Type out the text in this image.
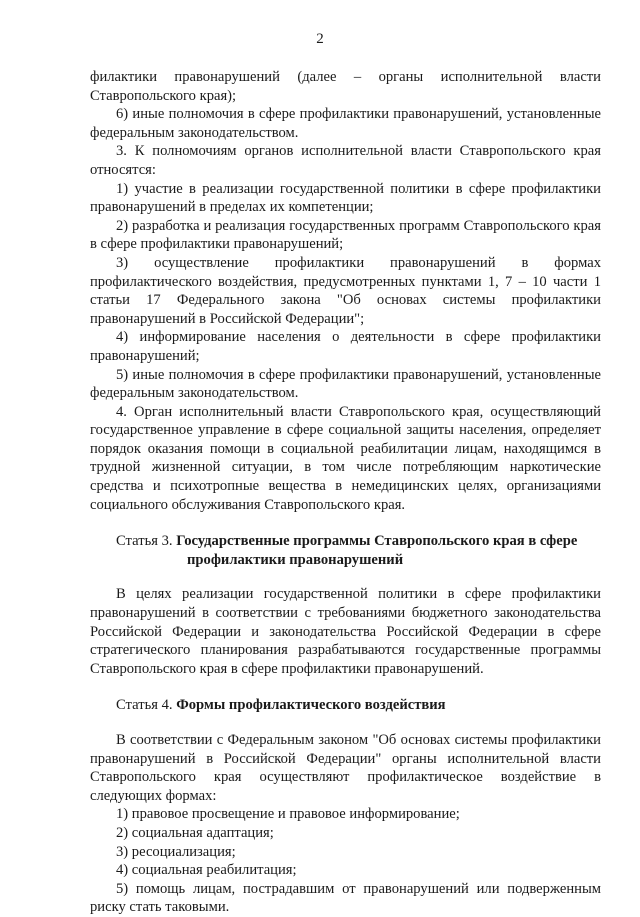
2

филактики правонарушений (далее – органы исполнительной власти Ставропольского края);

6) иные полномочия в сфере профилактики правонарушений, установленные федеральным законодательством.

3. К полномочиям органов исполнительной власти Ставропольского края относятся:

1) участие в реализации государственной политики в сфере профилактики правонарушений в пределах их компетенции;

2) разработка и реализация государственных программ Ставропольского края в сфере профилактики правонарушений;

3) осуществление профилактики правонарушений в формах профилактического воздействия, предусмотренных пунктами 1, 7 – 10 части 1 статьи 17 Федерального закона "Об основах системы профилактики правонарушений в Российской Федерации";

4) информирование населения о деятельности в сфере профилактики правонарушений;

5) иные полномочия в сфере профилактики правонарушений, установленные федеральным законодательством.

4. Орган исполнительный власти Ставропольского края, осуществляющий государственное управление в сфере социальной защиты населения, определяет порядок оказания помощи в социальной реабилитации лицам, находящимся в трудной жизненной ситуации, в том числе потребляющим наркотические средства и психотропные вещества в немедицинских целях, организациями социального обслуживания Ставропольского края.

Статья 3. Государственные программы Ставропольского края в сфере профилактики правонарушений

В целях реализации государственной политики в сфере профилактики правонарушений в соответствии с требованиями бюджетного законодательства Российской Федерации и законодательства Российской Федерации в сфере стратегического планирования разрабатываются государственные программы Ставропольского края в сфере профилактики правонарушений.

Статья 4. Формы профилактического воздействия

В соответствии с Федеральным законом "Об основах системы профилактики правонарушений в Российской Федерации" органы исполнительной власти Ставропольского края осуществляют профилактическое воздействие в следующих формах:

1) правовое просвещение и правовое информирование;

2) социальная адаптация;

3) ресоциализация;

4) социальная реабилитация;

5) помощь лицам, пострадавшим от правонарушений или подверженным риску стать таковыми.
